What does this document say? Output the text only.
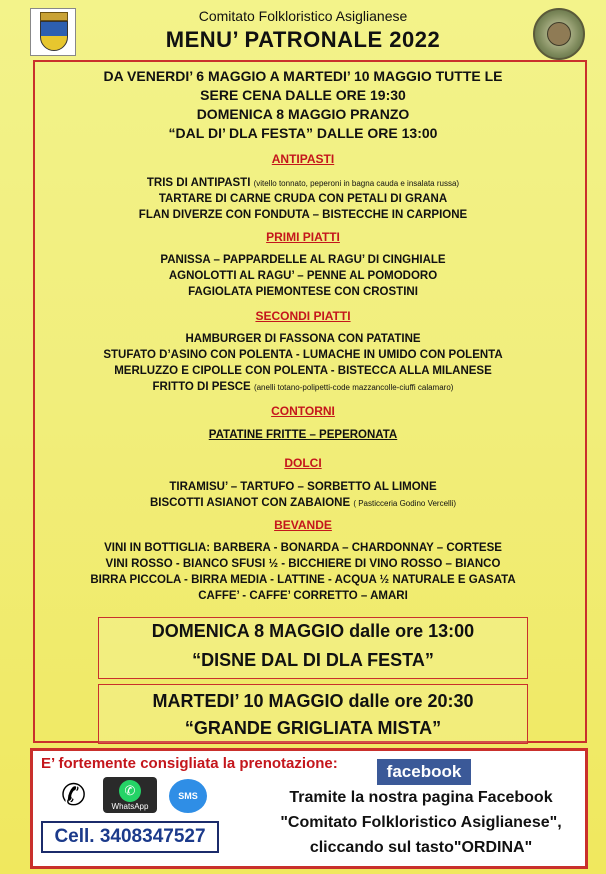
Comitato Folkloristico Asiglianese
MENU’ PATRONALE 2022
DA VENERDI’ 6 MAGGIO A MARTEDI’ 10 MAGGIO TUTTE LE
SERE CENA DALLE ORE 19:30
DOMENICA 8 MAGGIO PRANZO
“DAL DI’ DLA FESTA” DALLE ORE 13:00
ANTIPASTI
TRIS DI ANTIPASTI (vitello tonnato, peperoni in bagna cauda e insalata russa)
TARTARE DI CARNE CRUDA CON PETALI DI GRANA
FLAN DIVERZE CON FONDUTA – BISTECCHE IN CARPIONE
PRIMI PIATTI
PANISSA – PAPPARDELLE AL RAGU’ DI CINGHIALE
AGNOLOTTI AL RAGU’ – PENNE AL POMODORO
FAGIOLATA PIEMONTESE CON CROSTINI
SECONDI PIATTI
HAMBURGER DI FASSONA CON PATATINE
STUFATO D’ASINO CON POLENTA - LUMACHE IN UMIDO CON POLENTA
MERLUZZO E CIPOLLE CON POLENTA - BISTECCA ALLA MILANESE
FRITTO DI PESCE (anelli totano-polipetti-code mazzancolle-ciuffi calamaro)
CONTORNI
PATATINE FRITTE – PEPERONATA
DOLCI
TIRAMISU’ – TARTUFO – SORBETTO AL LIMONE
BISCOTTI ASIANOT CON ZABAIONE ( Pasticceria Godino Vercelli)
BEVANDE
VINI IN BOTTIGLIA: BARBERA - BONARDA – CHARDONNAY – CORTESE
VINI ROSSO - BIANCO SFUSI ½ - BICCHIERE DI VINO ROSSO – BIANCO
BIRRA PICCOLA - BIRRA MEDIA - LATTINE - ACQUA ½ NATURALE E GASATA
CAFFE’ - CAFFE’ CORRETTO – AMARI
DOMENICA 8 MAGGIO dalle ore 13:00
“DISNE DAL DI DLA FESTA”
MARTEDI’ 10 MAGGIO dalle ore 20:30
“GRANDE GRIGLIATA MISTA”
E’ fortemente consigliata la prenotazione:	facebook
✆	✆
WhatsApp
SMS
Cell. 3408347527
Tramite la nostra pagina Facebook
"Comitato Folkloristico Asiglianese",
cliccando sul tasto"ORDINA"
